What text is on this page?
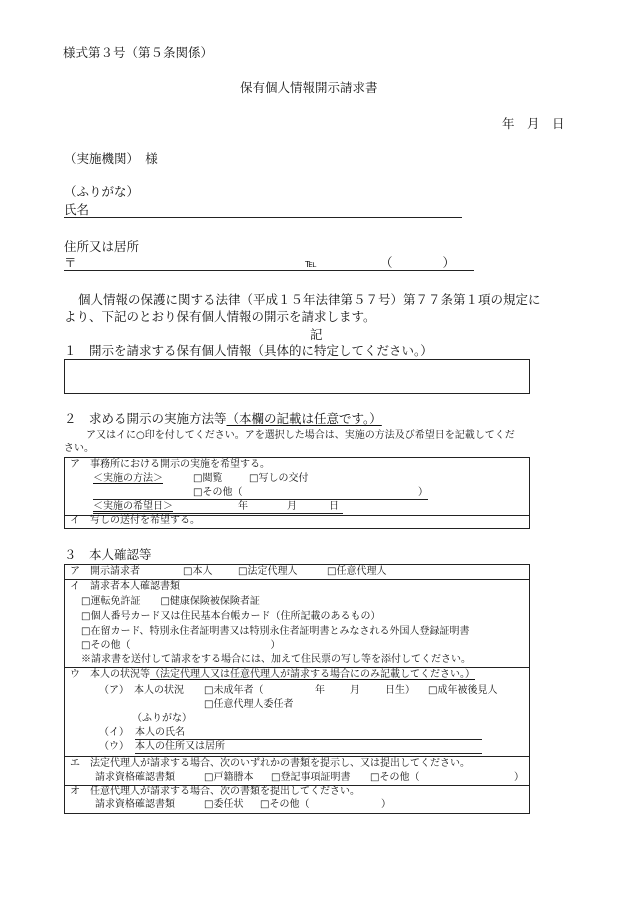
様式第３号（第５条関係）
保有個人情報開示請求書
年　月　日
（実施機関）　様
（ふりがな）
氏名
住所又は居所
〒	℡	（　　　　）
個人情報の保護に関する法律（平成１５年法律第５７号）第７７条第１項の規定に
より、下記のとおり保有個人情報の開示を請求します。
記
１　開示を請求する保有個人情報（具体的に特定してください。）
２　求める開示の実施方法等（本欄の記載は任意です。）
ア又はイに○印を付してください。アを選択した場合は、実施の方法及び希望日を記載してくだ
さい。
ア　事務所における開示の実施を希望する。
＜実施の方法＞	□閲覧	□写しの交付
□その他（	）
＜実施の希望日＞	年	月	日
イ　写しの送付を希望する。
３　本人確認等
ア　開示請求者	□本人	□法定代理人	□任意代理人
イ　請求者本人確認書類
□運転免許証　　□健康保険被保険者証
□個人番号カード又は住民基本台帳カード（住所記載のあるもの）
□在留カード、特別永住者証明書又は特別永住者証明書とみなされる外国人登録証明書
□その他（　　　　　　　　　　　　　　）
※請求書を送付して請求をする場合には、加えて住民票の写し等を添付してください。
ウ　本人の状況等（法定代理人又は任意代理人が請求する場合にのみ記載してください。）
（ア）　本人の状況 □未成年者（	年	月	日生） □成年被後見人
□任意代理人委任者
（ふりがな）
（イ） 本人の氏名
（ウ） 本人の住所又は居所
エ　法定代理人が請求する場合、次のいずれかの書類を提示し、又は提出してください。
請求資格確認書類	□戸籍謄本 □登記事項証明書 □その他（	）
オ　任意代理人が請求する場合、次の書類を提出してください。
請求資格確認書類	□委任状 □その他（	）
